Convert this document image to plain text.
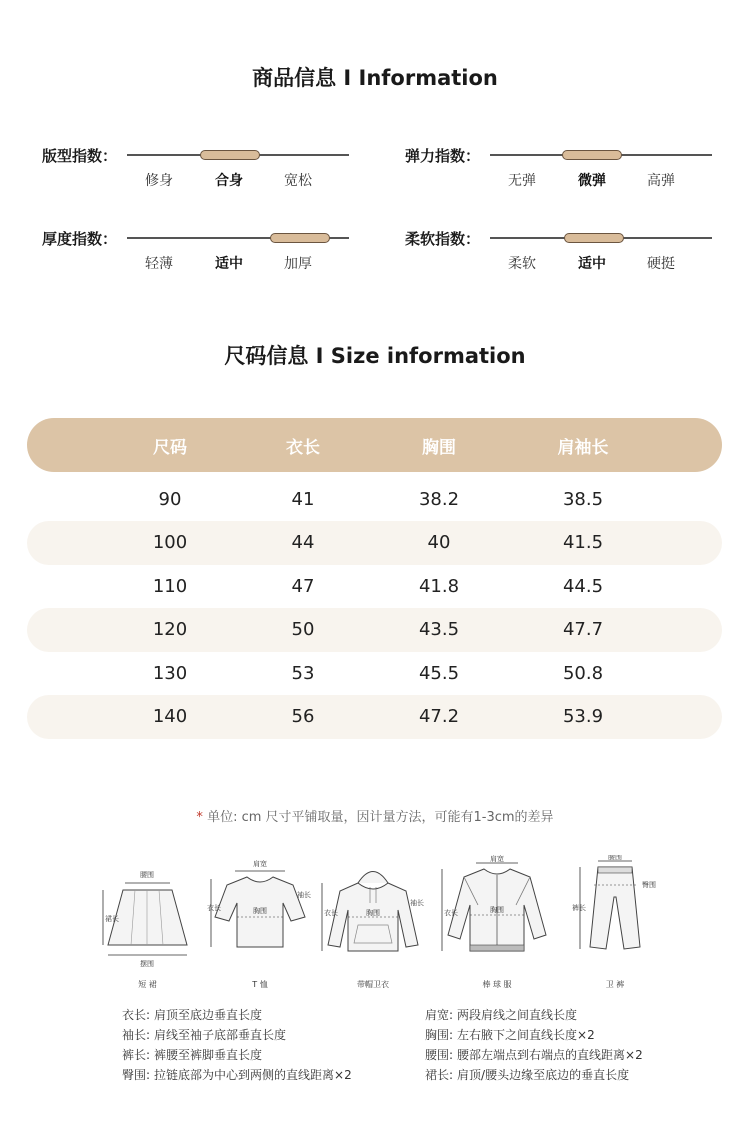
商品信息 I Information
版型指数：
修身	合身	宽松
弹力指数：
无弹	微弹	高弹
厚度指数：
轻薄	适中	加厚
柔软指数：
柔软	适中	硬挺
尺码信息 I Size information
尺码	衣长	胸围	肩袖长
90	41	38.2	38.5
100	44	40	41.5
110	47	41.8	44.5
120	50	43.5	47.7
130	53	45.5	50.8
140	56	47.2	53.9
* 单位: cm 尺寸平铺取量，因计量方法，可能有1-3cm的差异
腰围
裙长
摆围
短 裙
肩宽
衣长
袖长
胸围
T 恤
衣长
袖长
胸围
带帽卫衣
肩宽
衣长	胸围
棒 球 服
腰围
裤长
臀围
卫 裤
衣长: 肩顶至底边垂直长度
袖长: 肩线至袖子底部垂直长度
裤长: 裤腰至裤脚垂直长度
臀围: 拉链底部为中心到两侧的直线距离×2
肩宽: 两段肩线之间直线长度
胸围: 左右腋下之间直线长度×2
腰围: 腰部左端点到右端点的直线距离×2
裙长: 肩顶/腰头边缘至底边的垂直长度
